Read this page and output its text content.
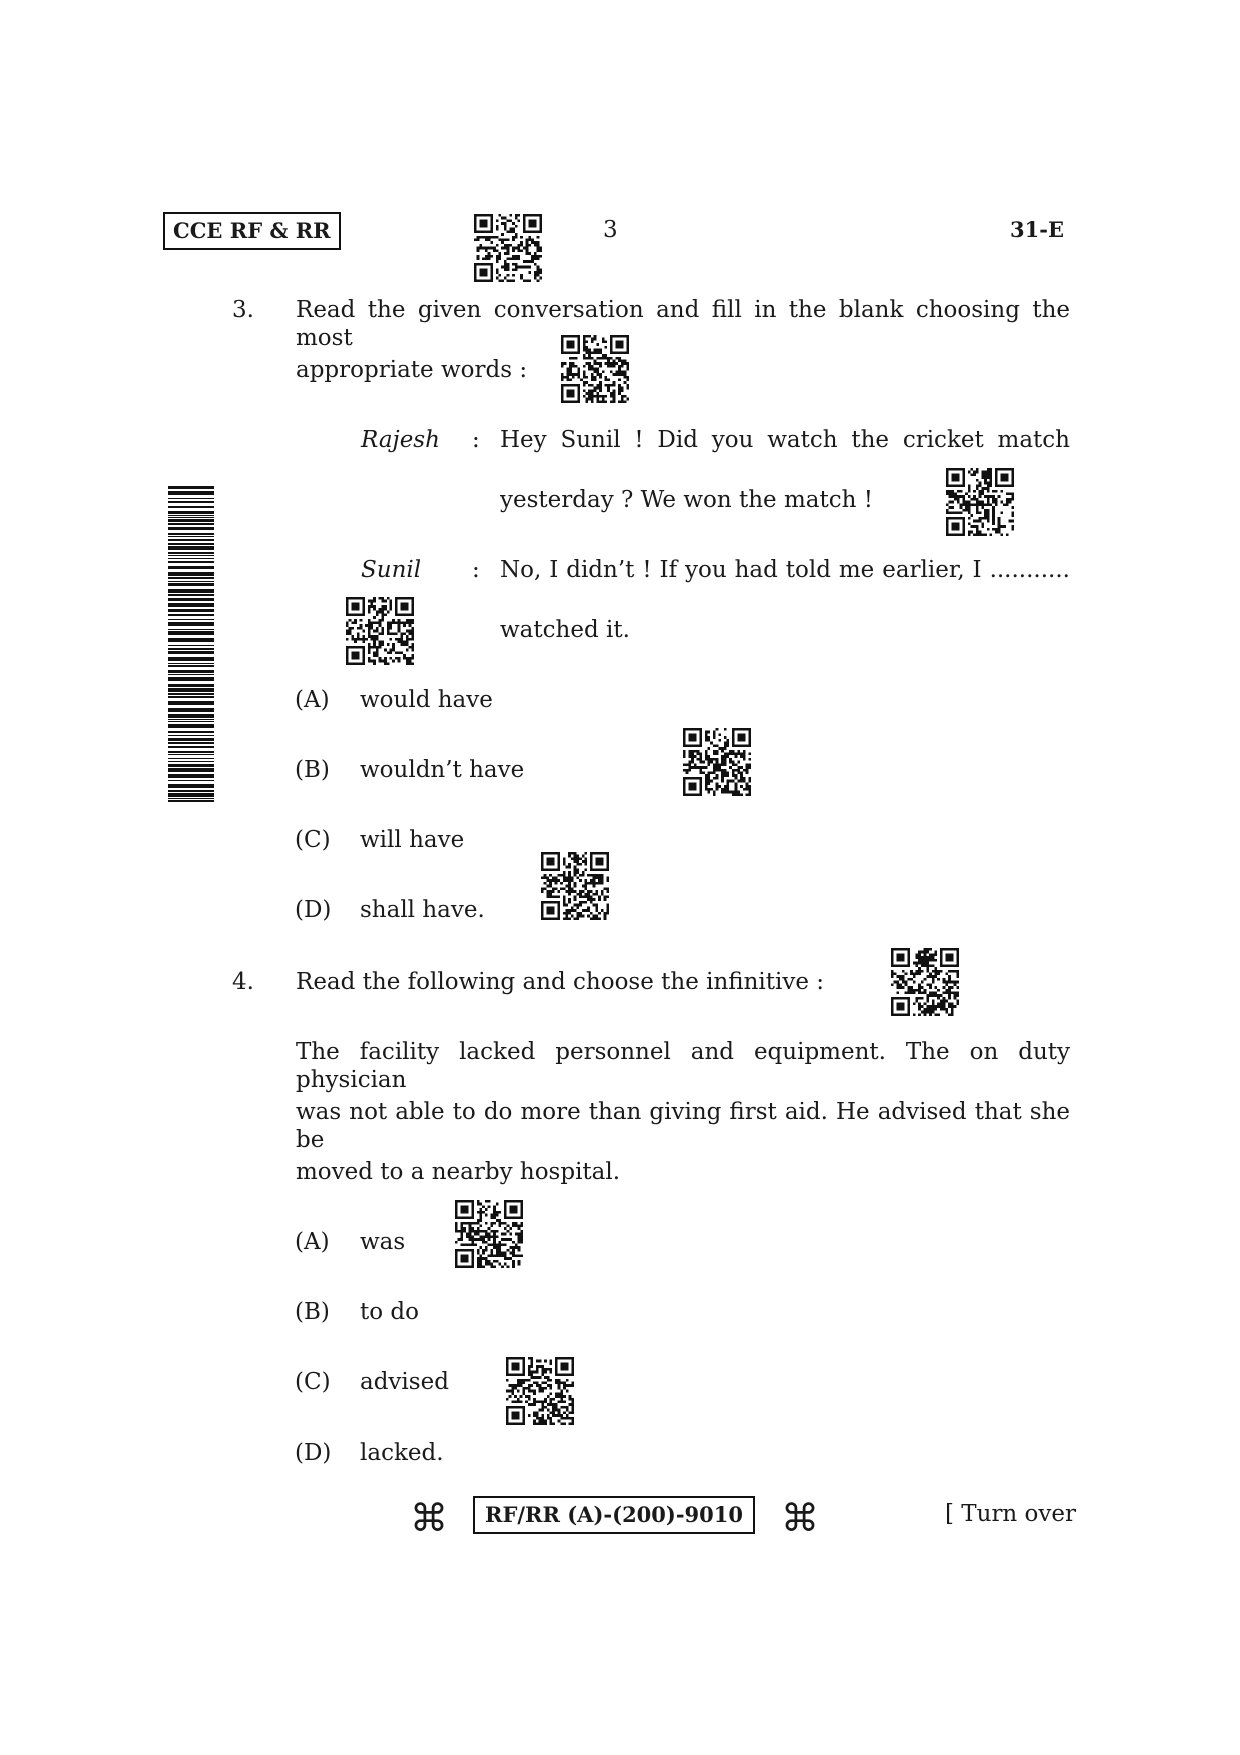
CCE RF & RR	3	31-E
3. Read the given conversation and fill in the blank choosing the most
appropriate words :
Rajesh : Hey Sunil ! Did you watch the cricket match
yesterday ? We won the match !
Sunil : No, I didn’t ! If you had told me earlier, I ...........
watched it.
(A) would have
(B) wouldn’t have
(C) will have
(D) shall have.
4. Read the following and choose the infinitive :
The facility lacked personnel and equipment. The on duty physician
was not able to do more than giving first aid. He advised that she be
moved to a nearby hospital.
(A) was
(B) to do
(C) advised
(D) lacked.
⌘	RF/RR (A)-(200)-9010	⌘	[ Turn over
